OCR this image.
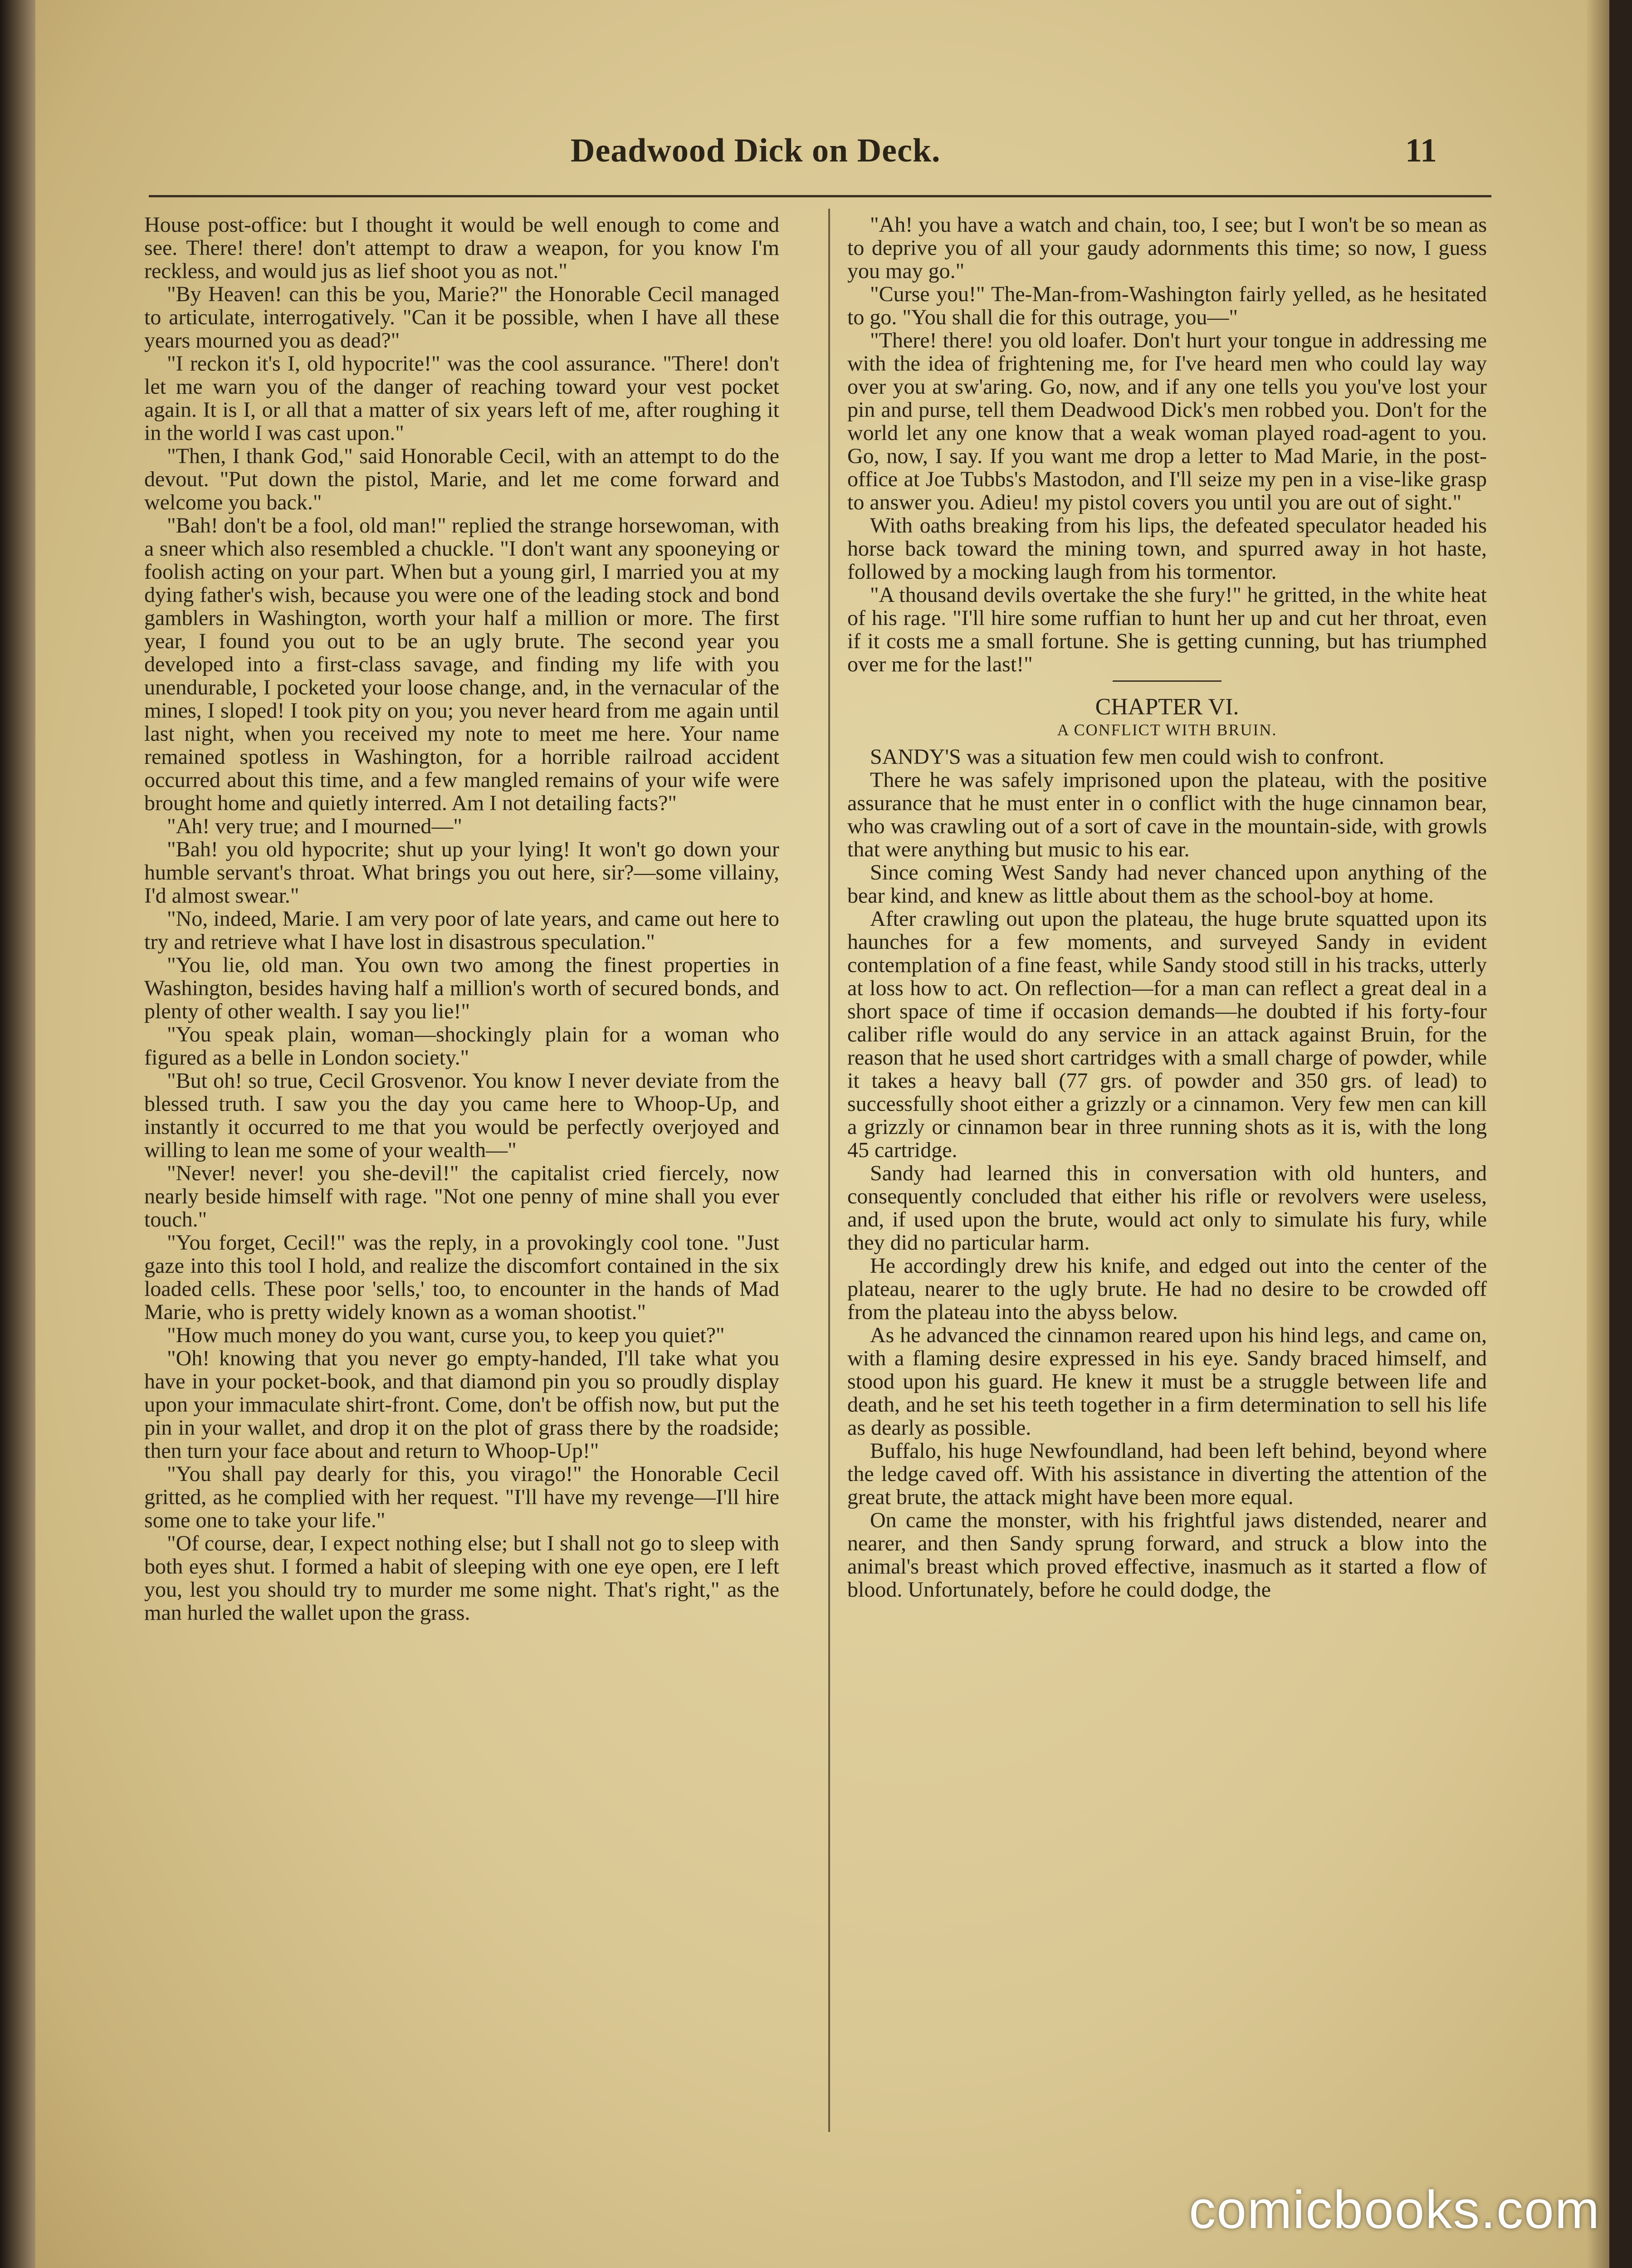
Deadwood Dick on Deck.	11

House post-office: but I thought it would be well enough to come and see. There! there! don't attempt to draw a weapon, for you know I'm reckless, and would jus as lief shoot you as not."

"By Heaven! can this be you, Marie?" the Honorable Cecil managed to articulate, interrogatively. "Can it be possible, when I have all these years mourned you as dead?"

"I reckon it's I, old hypocrite!" was the cool assurance. "There! don't let me warn you of the danger of reaching toward your vest pocket again. It is I, or all that a matter of six years left of me, after roughing it in the world I was cast upon."

"Then, I thank God," said Honorable Cecil, with an attempt to do the devout. "Put down the pistol, Marie, and let me come forward and welcome you back."

"Bah! don't be a fool, old man!" replied the strange horsewoman, with a sneer which also resembled a chuckle. "I don't want any spooneying or foolish acting on your part. When but a young girl, I married you at my dying father's wish, because you were one of the leading stock and bond gamblers in Washington, worth your half a million or more. The first year, I found you out to be an ugly brute. The second year you developed into a first-class savage, and finding my life with you unendurable, I pocketed your loose change, and, in the vernacular of the mines, I sloped! I took pity on you; you never heard from me again until last night, when you received my note to meet me here. Your name remained spotless in Washington, for a horrible railroad accident occurred about this time, and a few mangled remains of your wife were brought home and quietly interred. Am I not detailing facts?"

"Ah! very true; and I mourned—"

"Bah! you old hypocrite; shut up your lying! It won't go down your humble servant's throat. What brings you out here, sir?—some villainy, I'd almost swear."

"No, indeed, Marie. I am very poor of late years, and came out here to try and retrieve what I have lost in disastrous speculation."

"You lie, old man. You own two among the finest properties in Washington, besides having half a million's worth of secured bonds, and plenty of other wealth. I say you lie!"

"You speak plain, woman—shockingly plain for a woman who figured as a belle in London society."

"But oh! so true, Cecil Grosvenor. You know I never deviate from the blessed truth. I saw you the day you came here to Whoop-Up, and instantly it occurred to me that you would be perfectly overjoyed and willing to lean me some of your wealth—"

"Never! never! you she-devil!" the capitalist cried fiercely, now nearly beside himself with rage. "Not one penny of mine shall you ever touch."

"You forget, Cecil!" was the reply, in a provokingly cool tone. "Just gaze into this tool I hold, and realize the discomfort contained in the six loaded cells. These poor 'sells,' too, to encounter in the hands of Mad Marie, who is pretty widely known as a woman shootist."

"How much money do you want, curse you, to keep you quiet?"

"Oh! knowing that you never go empty-handed, I'll take what you have in your pocket-book, and that diamond pin you so proudly display upon your immaculate shirt-front. Come, don't be offish now, but put the pin in your wallet, and drop it on the plot of grass there by the roadside; then turn your face about and return to Whoop-Up!"

"You shall pay dearly for this, you virago!" the Honorable Cecil gritted, as he complied with her request. "I'll have my revenge—I'll hire some one to take your life."

"Of course, dear, I expect nothing else; but I shall not go to sleep with both eyes shut. I formed a habit of sleeping with one eye open, ere I left you, lest you should try to murder me some night. That's right," as the man hurled the wallet upon the grass.

"Ah! you have a watch and chain, too, I see; but I won't be so mean as to deprive you of all your gaudy adornments this time; so now, I guess you may go."

"Curse you!" The-Man-from-Washington fairly yelled, as he hesitated to go. "You shall die for this outrage, you—"

"There! there! you old loafer. Don't hurt your tongue in addressing me with the idea of frightening me, for I've heard men who could lay way over you at sw'aring. Go, now, and if any one tells you you've lost your pin and purse, tell them Deadwood Dick's men robbed you. Don't for the world let any one know that a weak woman played road-agent to you. Go, now, I say. If you want me drop a letter to Mad Marie, in the post-office at Joe Tubbs's Mastodon, and I'll seize my pen in a vise-like grasp to answer you. Adieu! my pistol covers you until you are out of sight."

With oaths breaking from his lips, the defeated speculator headed his horse back toward the mining town, and spurred away in hot haste, followed by a mocking laugh from his tormentor.

"A thousand devils overtake the she fury!" he gritted, in the white heat of his rage. "I'll hire some ruffian to hunt her up and cut her throat, even if it costs me a small fortune. She is getting cunning, but has triumphed over me for the last!"

CHAPTER VI.
A CONFLICT WITH BRUIN.

SANDY'S was a situation few men could wish to confront.

There he was safely imprisoned upon the plateau, with the positive assurance that he must enter in o conflict with the huge cinnamon bear, who was crawling out of a sort of cave in the mountain-side, with growls that were anything but music to his ear.

Since coming West Sandy had never chanced upon anything of the bear kind, and knew as little about them as the school-boy at home.

After crawling out upon the plateau, the huge brute squatted upon its haunches for a few moments, and surveyed Sandy in evident contemplation of a fine feast, while Sandy stood still in his tracks, utterly at loss how to act. On reflection—for a man can reflect a great deal in a short space of time if occasion demands—he doubted if his forty-four caliber rifle would do any service in an attack against Bruin, for the reason that he used short cartridges with a small charge of powder, while it takes a heavy ball (77 grs. of powder and 350 grs. of lead) to successfully shoot either a grizzly or a cinnamon. Very few men can kill a grizzly or cinnamon bear in three running shots as it is, with the long 45 cartridge.

Sandy had learned this in conversation with old hunters, and consequently concluded that either his rifle or revolvers were useless, and, if used upon the brute, would act only to simulate his fury, while they did no particular harm.

He accordingly drew his knife, and edged out into the center of the plateau, nearer to the ugly brute. He had no desire to be crowded off from the plateau into the abyss below.

As he advanced the cinnamon reared upon his hind legs, and came on, with a flaming desire expressed in his eye. Sandy braced himself, and stood upon his guard. He knew it must be a struggle between life and death, and he set his teeth together in a firm determination to sell his life as dearly as possible.

Buffalo, his huge Newfoundland, had been left behind, beyond where the ledge caved off. With his assistance in diverting the attention of the great brute, the attack might have been more equal.

On came the monster, with his frightful jaws distended, nearer and nearer, and then Sandy sprung forward, and struck a blow into the animal's breast which proved effective, inasmuch as it started a flow of blood. Unfortunately, before he could dodge, the

comicbooks.com
